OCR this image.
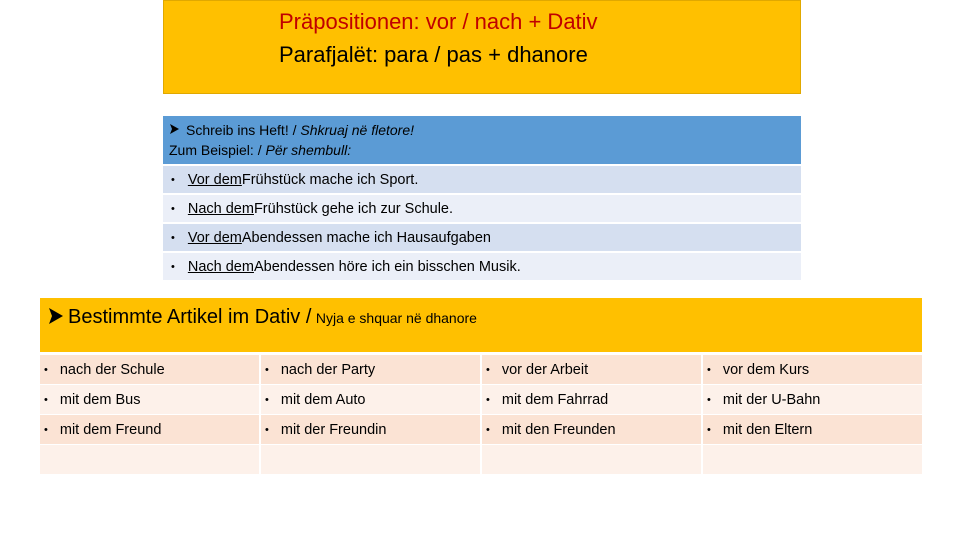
Präpositionen: vor / nach + Dativ
Parafjalët: para / pas + dhanore
Schreib ins Heft! / Shkruaj në fletore!
Zum Beispiel: / Për shembull:
• Vor dem Frühstück mache ich Sport.
• Nach dem Frühstück gehe ich zur Schule.
• Vor dem Abendessen mache ich Hausaufgaben
• Nach dem Abendessen höre ich ein bisschen Musik.
Bestimmte Artikel im Dativ / Nyja e shquar në dhanore
• nach der Schule	• nach der Party	• vor der Arbeit	• vor dem Kurs
• mit dem Bus	• mit dem Auto	• mit dem Fahrrad	• mit der U-Bahn
• mit dem Freund	• mit der Freundin	• mit den Freunden	• mit den Eltern
